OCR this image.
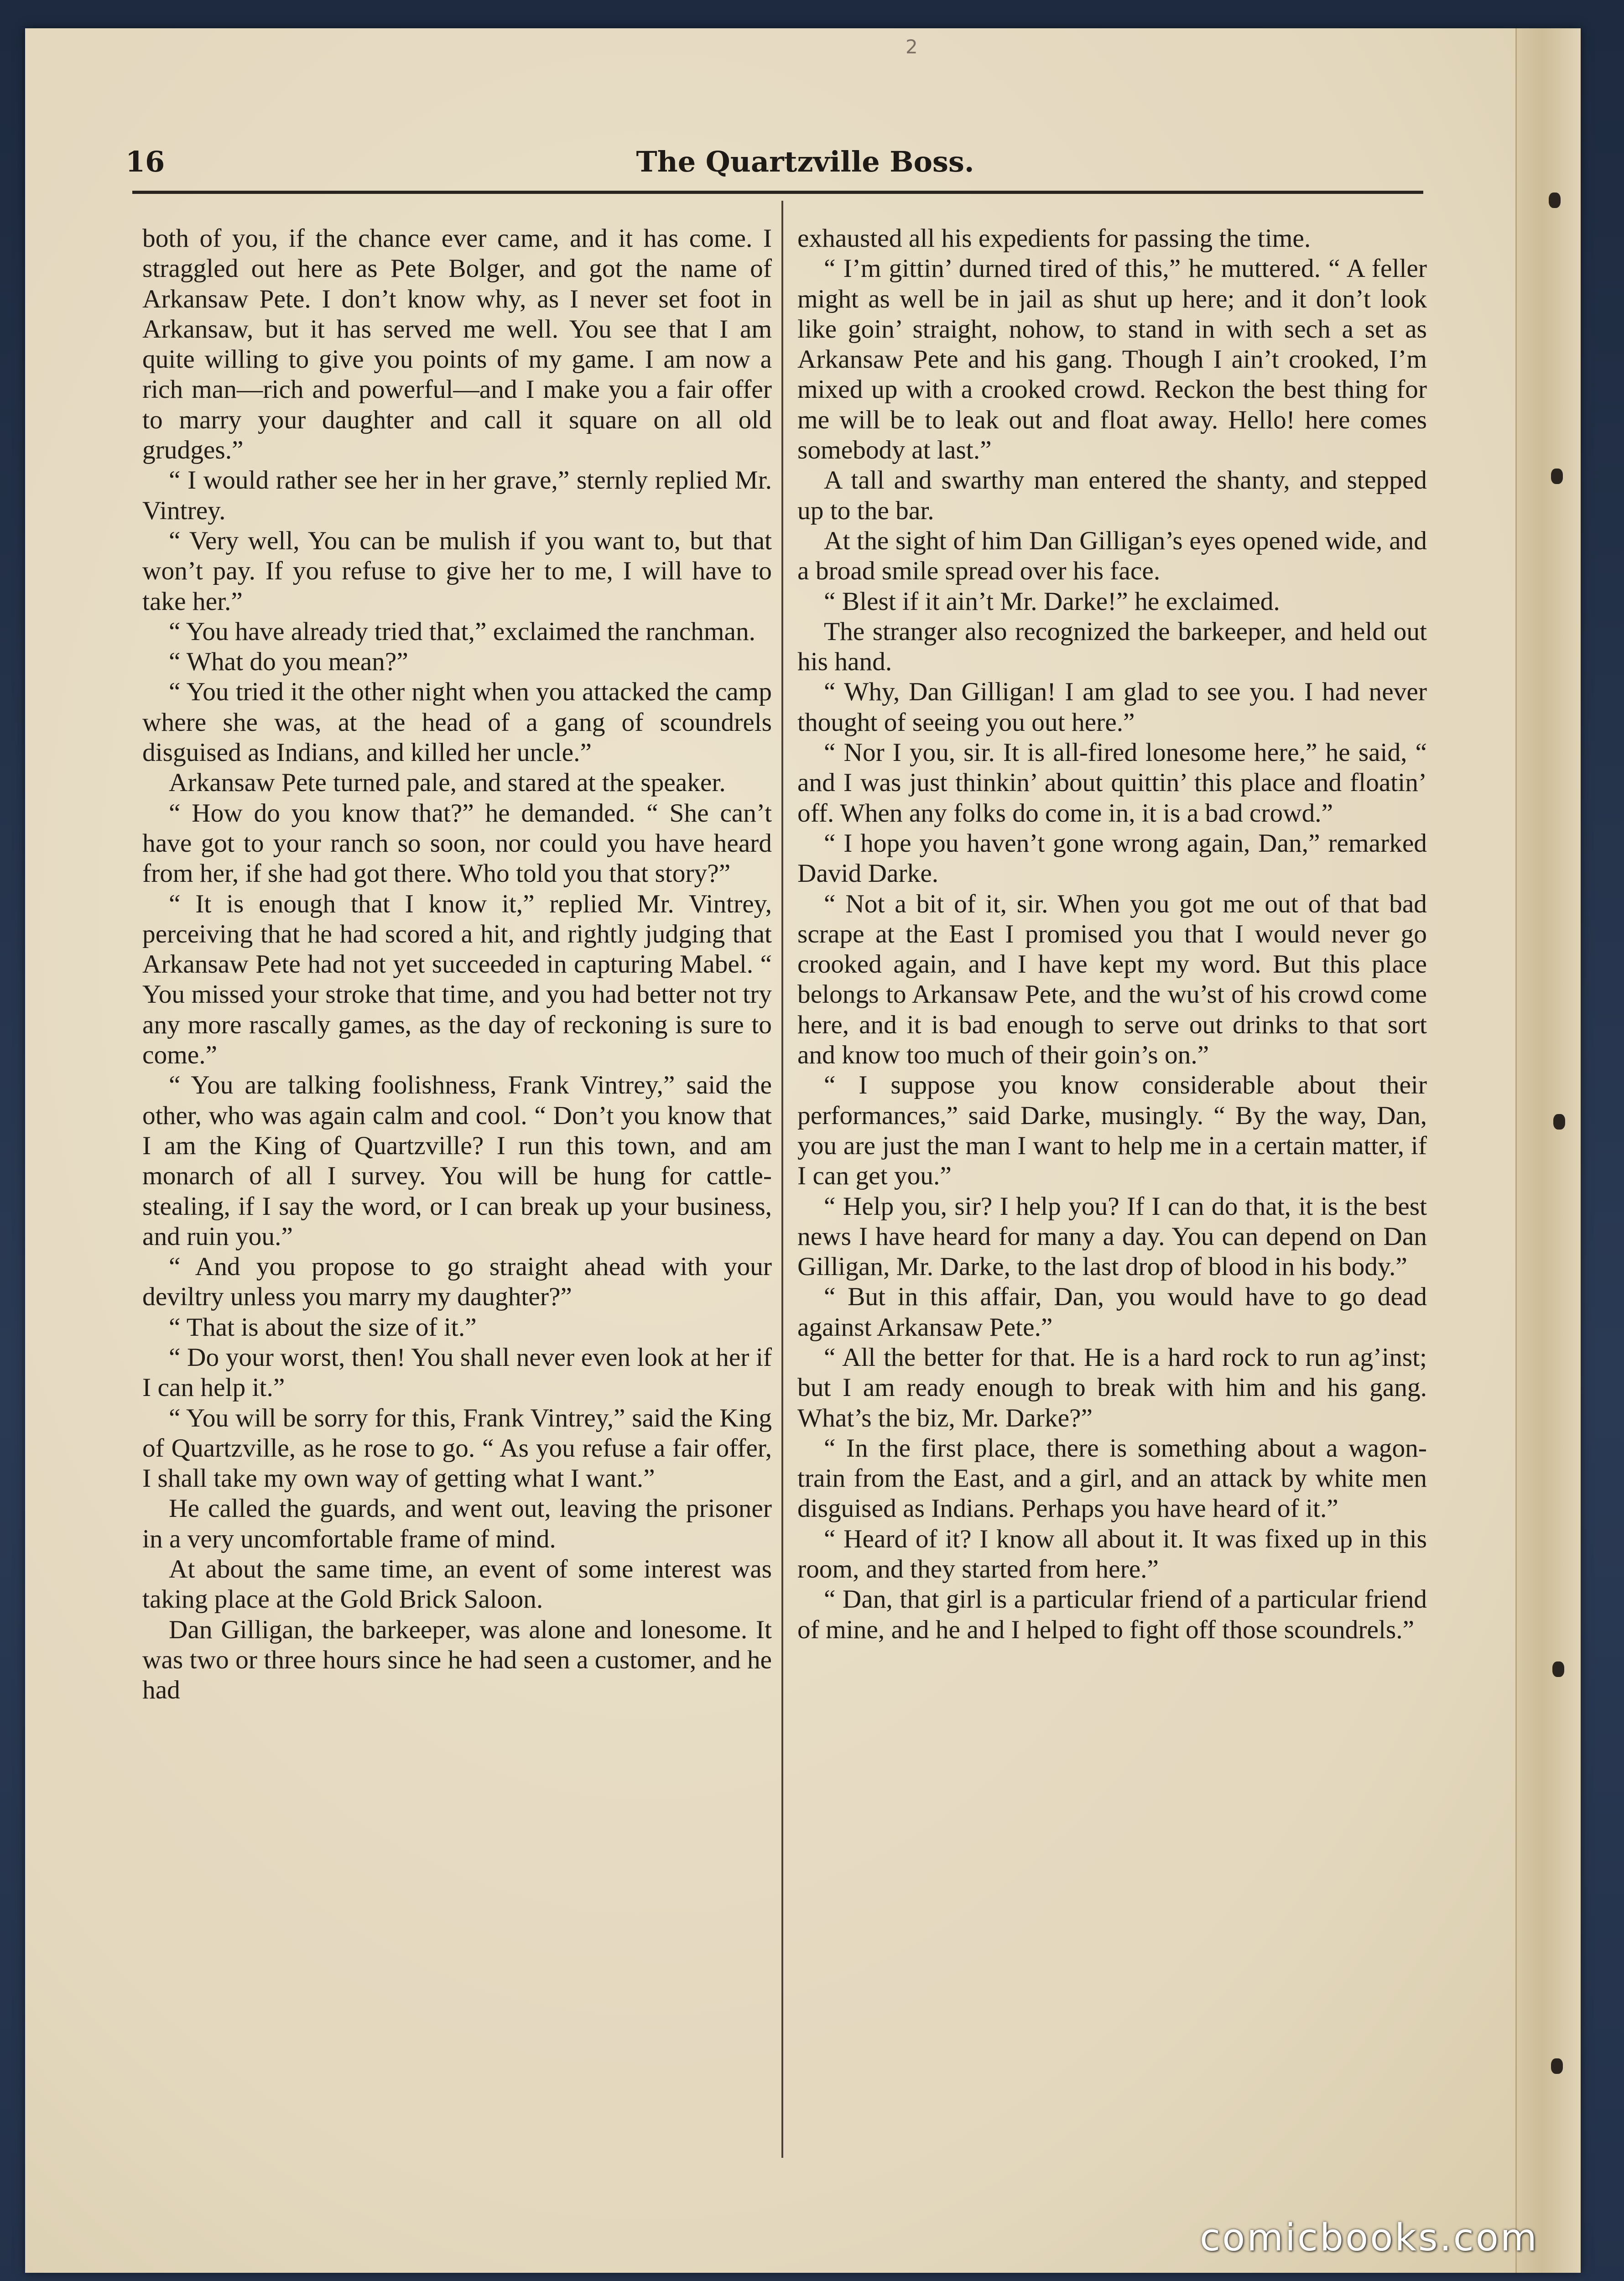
2
16	The Quartzville Boss.

both of you, if the chance ever came, and it has come. I straggled out here as Pete Bolger, and got the name of Arkansaw Pete. I don’t know why, as I never set foot in Arkansaw, but it has served me well. You see that I am quite willing to give you points of my game. I am now a rich man—rich and powerful—and I make you a fair offer to marry your daughter and call it square on all old grudges.”

“ I would rather see her in her grave,” sternly replied Mr. Vintrey.

“ Very well, You can be mulish if you want to, but that won’t pay. If you refuse to give her to me, I will have to take her.”

“ You have already tried that,” exclaimed the ranchman.

“ What do you mean?”

“ You tried it the other night when you attacked the camp where she was, at the head of a gang of scoundrels disguised as Indians, and killed her uncle.”

Arkansaw Pete turned pale, and stared at the speaker.

“ How do you know that?” he demanded. “ She can’t have got to your ranch so soon, nor could you have heard from her, if she had got there. Who told you that story?”

“ It is enough that I know it,” replied Mr. Vintrey, perceiving that he had scored a hit, and rightly judging that Arkansaw Pete had not yet succeeded in capturing Mabel. “ You missed your stroke that time, and you had better not try any more rascally games, as the day of reckoning is sure to come.”

“ You are talking foolishness, Frank Vintrey,” said the other, who was again calm and cool. “ Don’t you know that I am the King of Quartzville? I run this town, and am monarch of all I survey. You will be hung for cattle-stealing, if I say the word, or I can break up your business, and ruin you.”

“ And you propose to go straight ahead with your deviltry unless you marry my daughter?”

“ That is about the size of it.”

“ Do your worst, then! You shall never even look at her if I can help it.”

“ You will be sorry for this, Frank Vintrey,” said the King of Quartzville, as he rose to go. “ As you refuse a fair offer, I shall take my own way of getting what I want.”

He called the guards, and went out, leaving the prisoner in a very uncomfortable frame of mind.

At about the same time, an event of some interest was taking place at the Gold Brick Saloon.

Dan Gilligan, the barkeeper, was alone and lonesome. It was two or three hours since he had seen a customer, and he had

exhausted all his expedients for passing the time.

“ I’m gittin’ durned tired of this,” he muttered. “ A feller might as well be in jail as shut up here; and it don’t look like goin’ straight, nohow, to stand in with sech a set as Arkansaw Pete and his gang. Though I ain’t crooked, I’m mixed up with a crooked crowd. Reckon the best thing for me will be to leak out and float away. Hello! here comes somebody at last.”

A tall and swarthy man entered the shanty, and stepped up to the bar.

At the sight of him Dan Gilligan’s eyes opened wide, and a broad smile spread over his face.

“ Blest if it ain’t Mr. Darke!” he exclaimed.

The stranger also recognized the barkeeper, and held out his hand.

“ Why, Dan Gilligan! I am glad to see you. I had never thought of seeing you out here.”

“ Nor I you, sir. It is all-fired lonesome here,” he said, “ and I was just thinkin’ about quittin’ this place and floatin’ off. When any folks do come in, it is a bad crowd.”

“ I hope you haven’t gone wrong again, Dan,” remarked David Darke.

“ Not a bit of it, sir. When you got me out of that bad scrape at the East I promised you that I would never go crooked again, and I have kept my word. But this place belongs to Arkansaw Pete, and the wu’st of his crowd come here, and it is bad enough to serve out drinks to that sort and know too much of their goin’s on.”

“ I suppose you know considerable about their performances,” said Darke, musingly. “ By the way, Dan, you are just the man I want to help me in a certain matter, if I can get you.”

“ Help you, sir? I help you? If I can do that, it is the best news I have heard for many a day. You can depend on Dan Gilligan, Mr. Darke, to the last drop of blood in his body.”

“ But in this affair, Dan, you would have to go dead against Arkansaw Pete.”

“ All the better for that. He is a hard rock to run ag’inst; but I am ready enough to break with him and his gang. What’s the biz, Mr. Darke?”

“ In the first place, there is something about a wagon-train from the East, and a girl, and an attack by white men disguised as Indians. Perhaps you have heard of it.”

“ Heard of it? I know all about it. It was fixed up in this room, and they started from here.”

“ Dan, that girl is a particular friend of a particular friend of mine, and he and I helped to fight off those scoundrels.”

comicbooks.com
